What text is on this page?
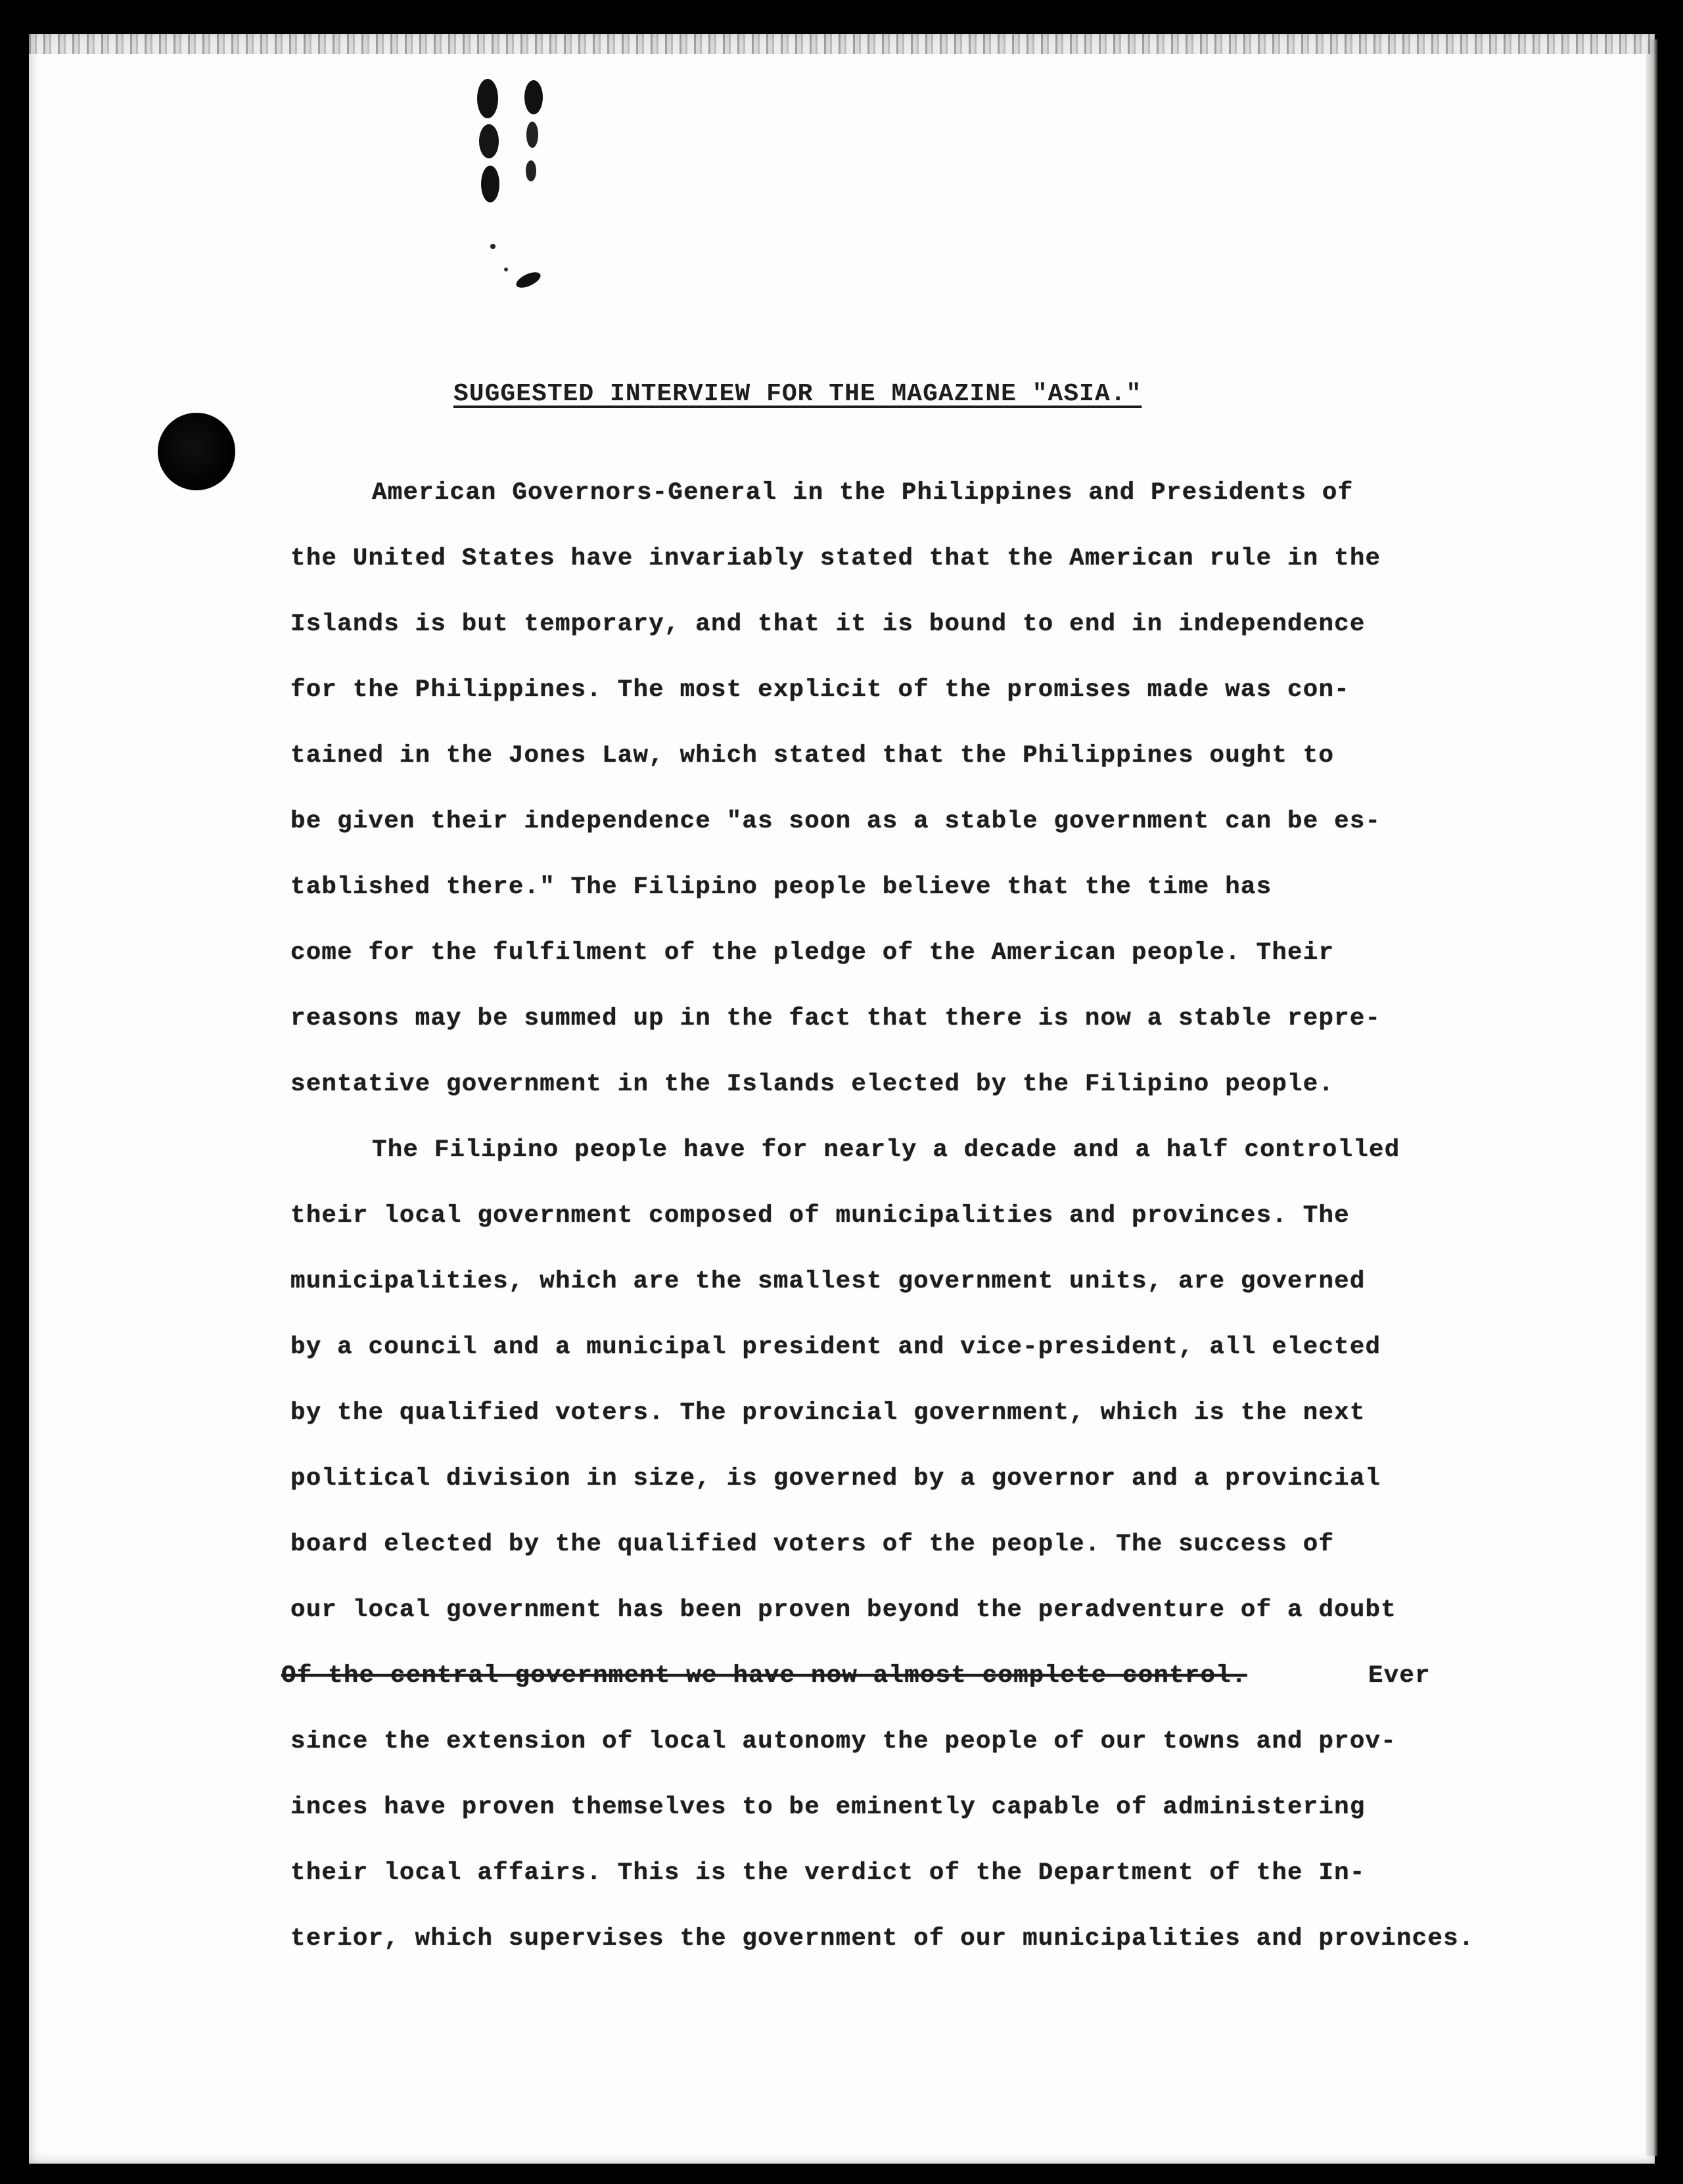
SUGGESTED INTERVIEW FOR THE MAGAZINE "ASIA."
American Governors-General in the Philippines and Presidents of
the United States have invariably stated that the American rule in the
Islands is but temporary, and that it is bound to end in independence
for the Philippines. The most explicit of the promises made was con-
tained in the Jones Law, which stated that the Philippines ought to
be given their independence "as soon as a stable government can be es-
tablished there." The Filipino people believe that the time has
come for the fulfilment of the pledge of the American people. Their
reasons may be summed up in the fact that there is now a stable repre-
sentative government in the Islands elected by the Filipino people.
The Filipino people have for nearly a decade and a half controlled
their local government composed of municipalities and provinces. The
municipalities, which are the smallest government units, are governed
by a council and a municipal president and vice-president, all elected
by the qualified voters. The provincial government, which is the next
political division in size, is governed by a governor and a provincial
board elected by the qualified voters of the people. The success of
our local government has been proven beyond the peradventure of a doubt
Of the central government we have now almost complete control.	Ever
since the extension of local autonomy the people of our towns and prov-
inces have proven themselves to be eminently capable of administering
their local affairs. This is the verdict of the Department of the In-
terior, which supervises the government of our municipalities and provinces.
